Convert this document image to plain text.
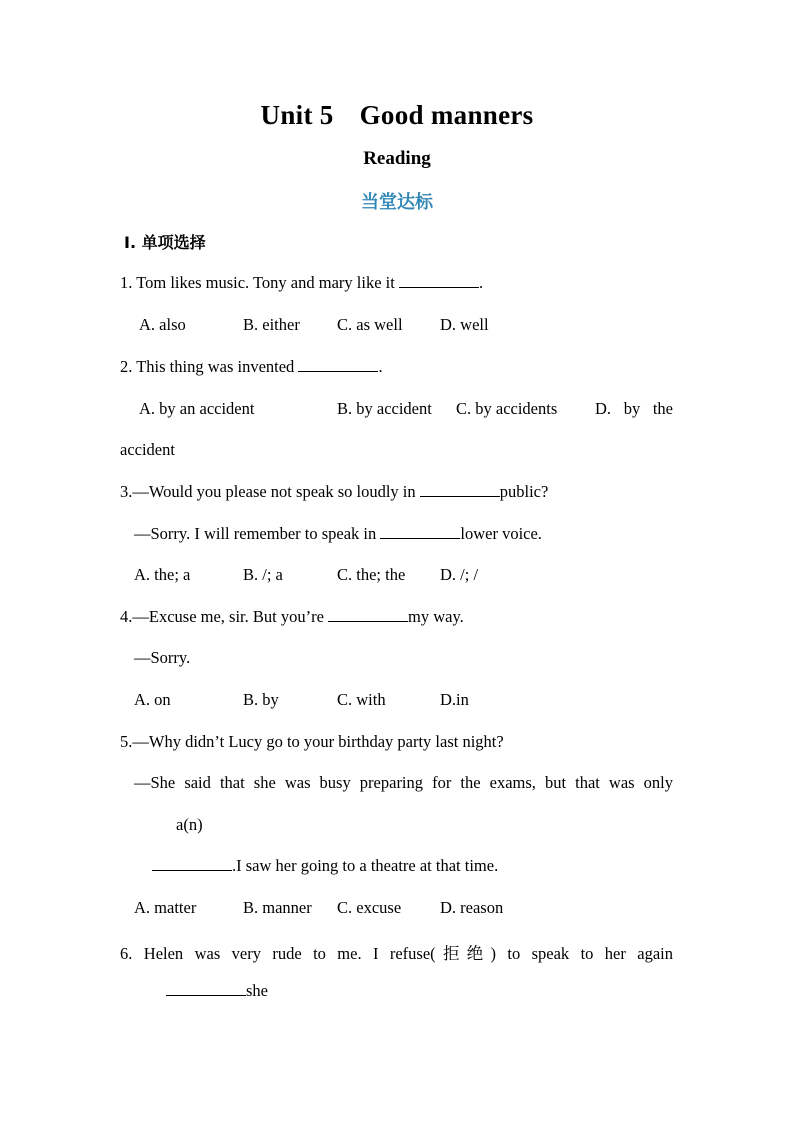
Unit 5 Good manners
Reading
当堂达标
Ⅰ. 单项选择
1. Tom likes music. Tony and mary like it	.
A. also	B. either C. as well D. well
2. This thing was invented	.
A. by an accident	B. by accident C. by accidents D. by the
accident
3.—Would you please not speak so loudly in	public?
—Sorry. I will remember to speak in	lower voice.
A. the; a	B. /; a	C. the; the D. /; /
4.—Excuse me, sir. But you’re	my way.
—Sorry.
A. on	B. by	C. with	D.in
5.—Why didn’t Lucy go to your birthday party last night?
—She said that she was busy preparing for the exams, but that was only
a(n)
.I saw her going to a theatre at that time.
A. matter	B. manner C. excuse D. reason
6. Helen was very rude to me. I refuse(拒绝) to speak to her again
she
